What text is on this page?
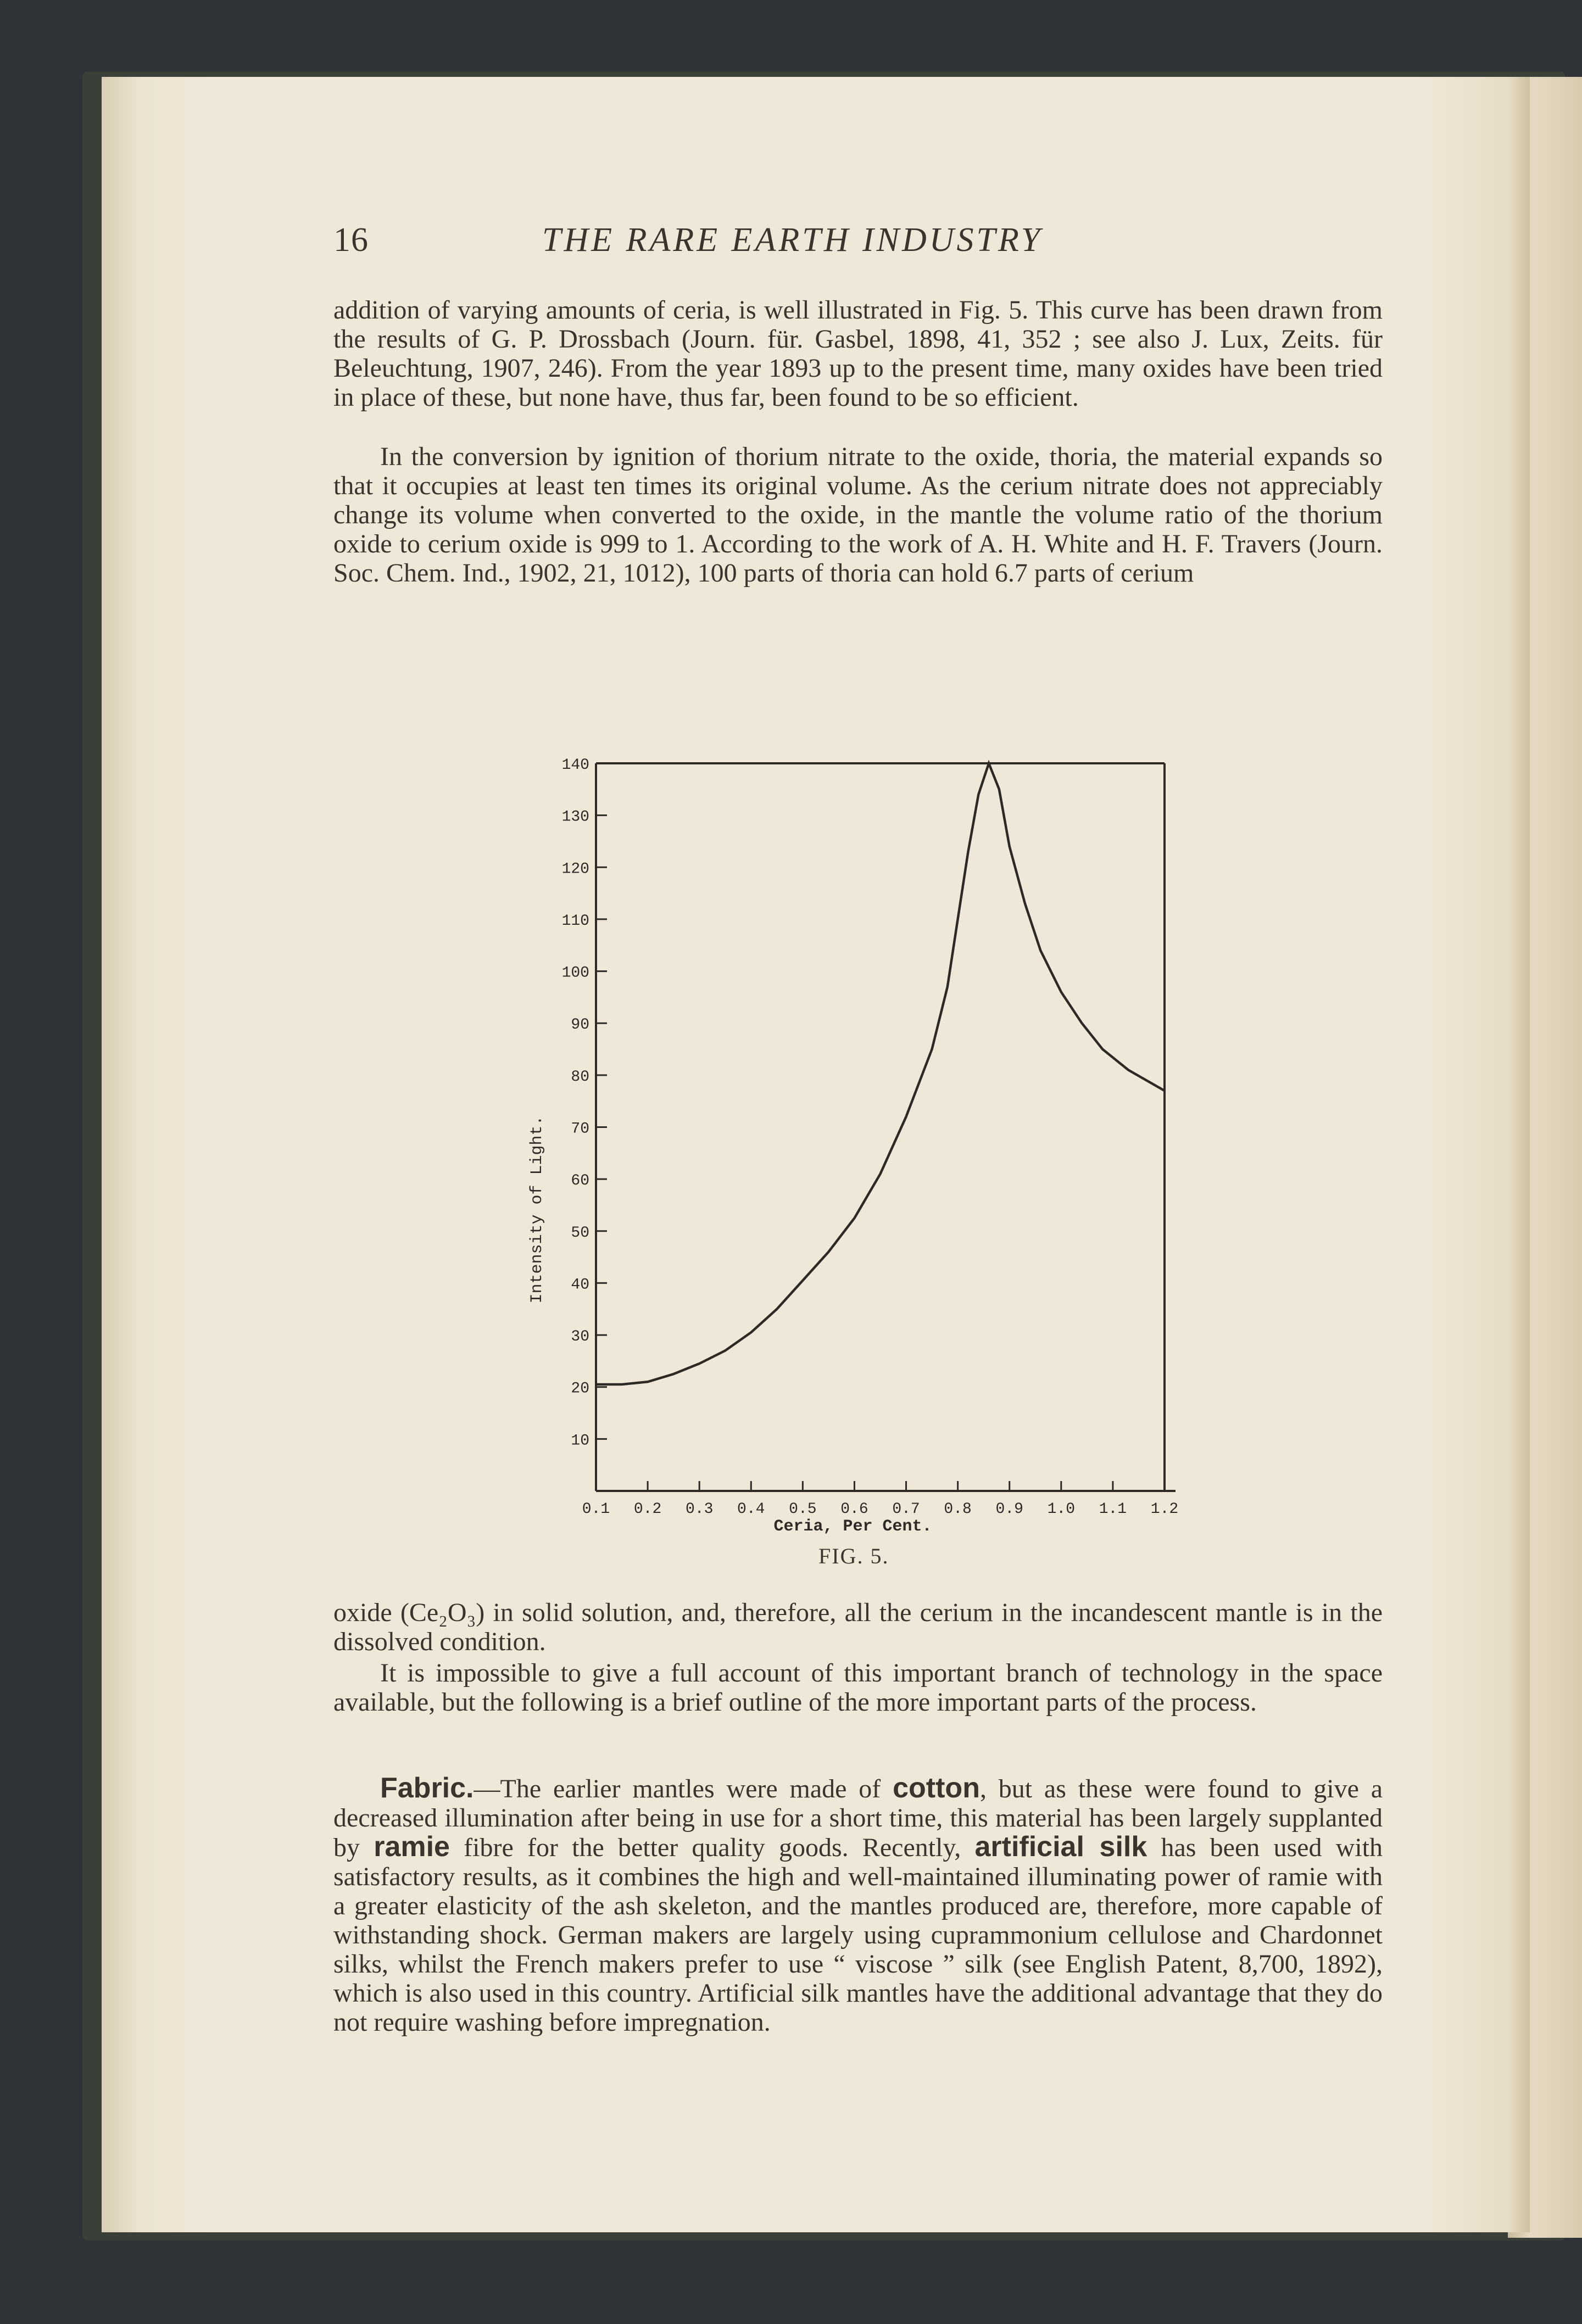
16	THE RARE EARTH INDUSTRY

addition of varying amounts of ceria, is well illustrated in Fig. 5. This curve has been drawn from the results of G. P. Drossbach (Journ. für. Gasbel, 1898, 41, 352 ; see also J. Lux, Zeits. für Beleuchtung, 1907, 246). From the year 1893 up to the present time, many oxides have been tried in place of these, but none have, thus far, been found to be so efficient.

In the conversion by ignition of thorium nitrate to the oxide, thoria, the material expands so that it occupies at least ten times its original volume. As the cerium nitrate does not appreciably change its volume when converted to the oxide, in the mantle the volume ratio of the thorium oxide to cerium oxide is 999 to 1. According to the work of A. H. White and H. F. Travers (Journ. Soc. Chem. Ind., 1902, 21, 1012), 100 parts of thoria can hold 6.7 parts of cerium

10
20
30
40
50
60
70
80
90
100
110
120
130
140
0.1 0.2 0.3 0.4 0.5 0.6 0.7 0.8 0.9 1.0 1.1 1.2
Intensity of Light.
Ceria, Per Cent.
FIG. 5.

oxide (Ce₂O₃) in solid solution, and, therefore, all the cerium in the incandescent mantle is in the dissolved condition.

It is impossible to give a full account of this important branch of technology in the space available, but the following is a brief outline of the more important parts of the process.

Fabric.—The earlier mantles were made of cotton, but as these were found to give a decreased illumination after being in use for a short time, this material has been largely supplanted by ramie fibre for the better quality goods. Recently, artificial silk has been used with satisfactory results, as it combines the high and well-maintained illuminating power of ramie with a greater elasticity of the ash skeleton, and the mantles produced are, therefore, more capable of withstanding shock. German makers are largely using cuprammonium cellulose and Chardonnet silks, whilst the French makers prefer to use “ viscose ” silk (see English Patent, 8,700, 1892), which is also used in this country. Artificial silk mantles have the additional advantage that they do not require washing before impregnation.
